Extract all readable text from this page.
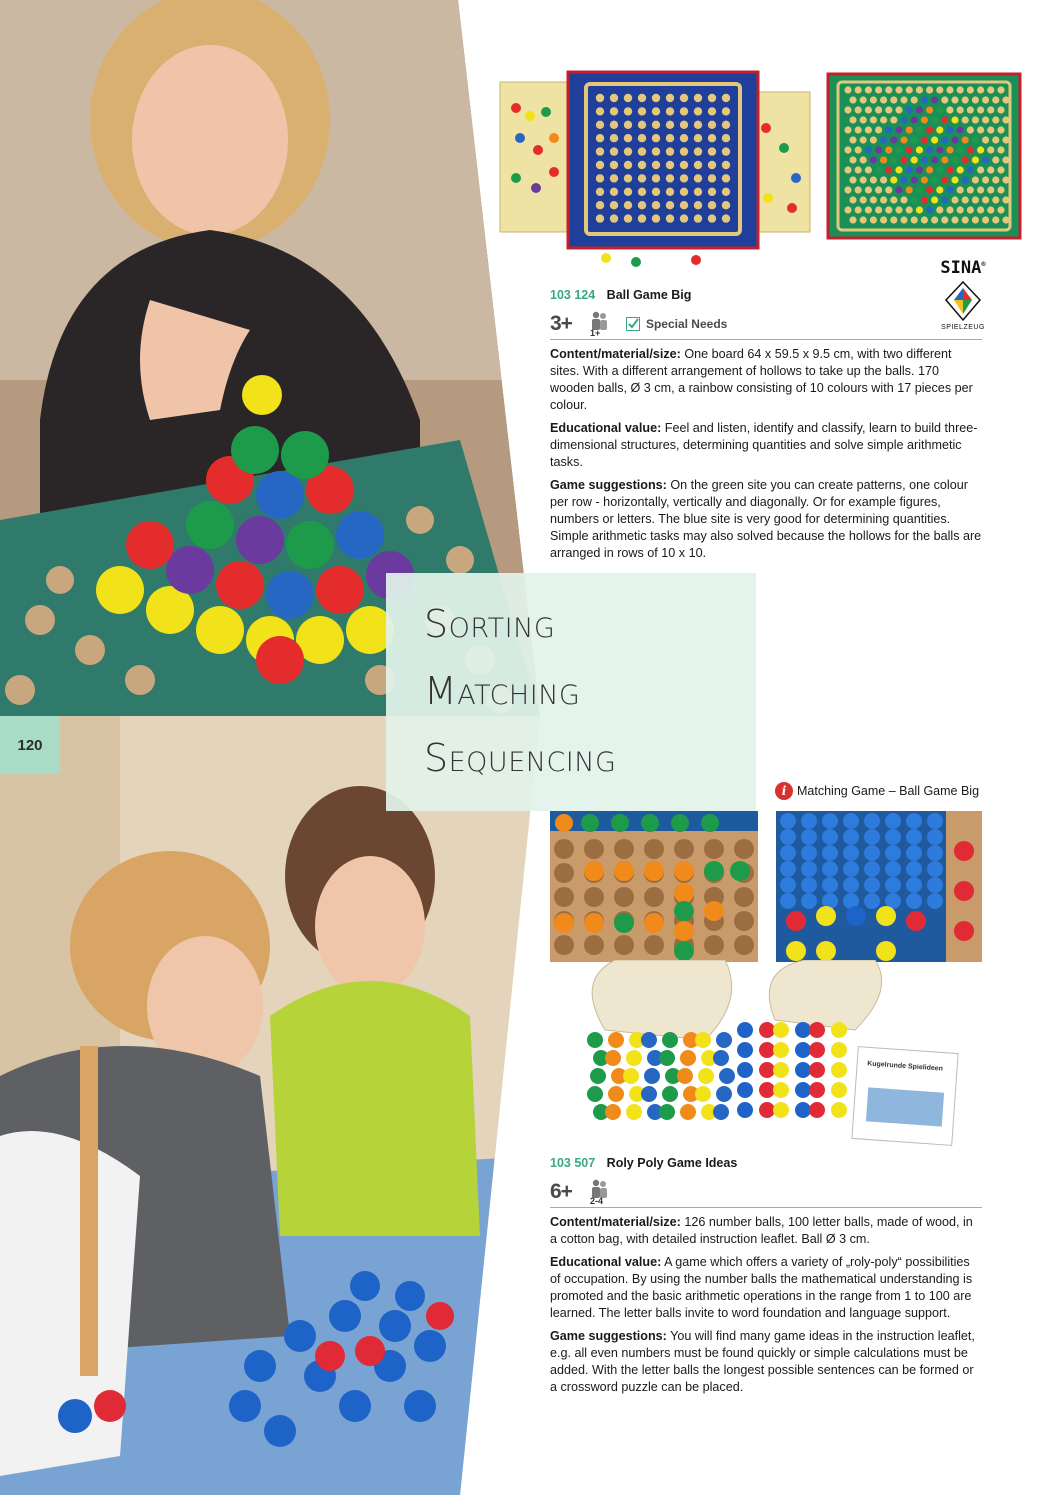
120
Sorting
Matching
Sequencing
SINA®
SPIELZEUG
103 124 Ball Game Big
3+ 1+
Special Needs

Content/material/size: One board 64 x 59.5 x 9.5 cm, with two different sites. With a different arrangement of hollows to take up the balls. 170 wooden balls, Ø 3 cm, a rainbow consisting of 10 colours with 17 pieces per colour.

Educational value: Feel and listen, identify and classify, learn to build three-dimensional structures, determining quantities and solve simple arithmetic tasks.

Game suggestions: On the green site you can create patterns, one colour per row - horizontally, vertically and diagonally. Or for example figures, numbers or letters. The blue site is very good for determining quantities. Simple arithmetic tasks may also solved because the hollows for the balls are arranged in rows of 10 x 10.

i Matching Game – Ball Game Big
Kugelrunde Spielideen
103 507 Roly Poly Game Ideas
6+ 2-4

Content/material/size: 126 number balls, 100 letter balls, made of wood, in a cotton bag, with detailed instruction leaflet. Ball Ø 3 cm.

Educational value: A game which offers a variety of „roly-poly“ possibilities of occupation. By using the number balls the mathematical understanding is promoted and the basic arithmetic operations in the range from 1 to 100 are learned. The letter balls invite to word foundation and language support.

Game suggestions: You will find many game ideas in the instruction leaflet, e.g. all even numbers must be found quickly or simple calculations must be added. With the letter balls the longest possible sentences can be formed or a crossword puzzle can be placed.
